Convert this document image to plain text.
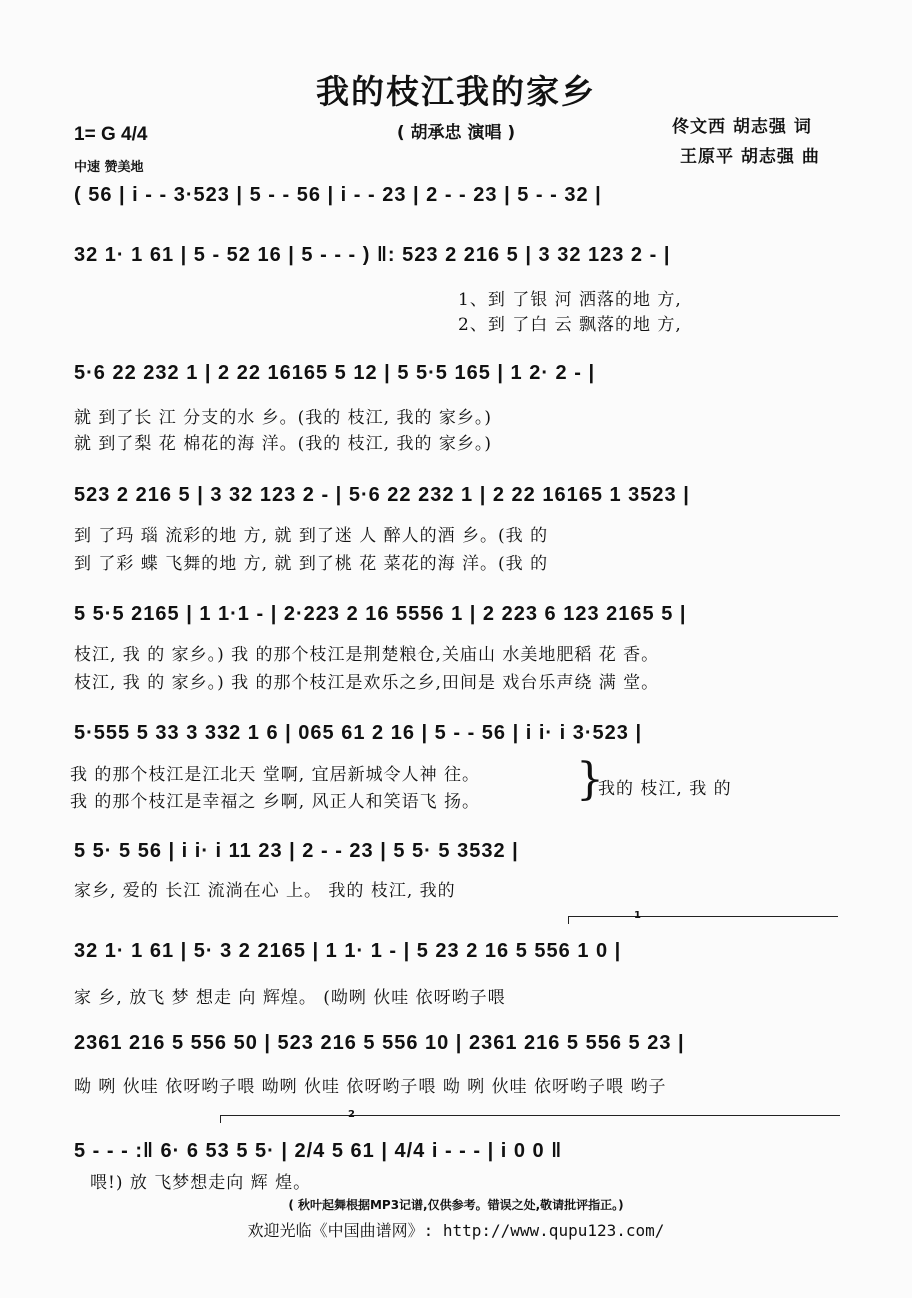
我的枝江我的家乡
( 胡承忠 演唱 )	佟文西 胡志强 词
王原平 胡志强 曲
1= G 4/4
中速 赞美地
( 56 | i - - 3·523 | 5 - - 56 | i - - 23 | 2 - - 23 | 5 - - 32 |
32 1· 1 61 | 5 - 52 16 | 5 - - - ) ‖: 523 2 216 5 | 3 32 123 2 - |
1、到 了银 河 洒落的地 方,
2、到 了白 云 飘落的地 方,
5·6 22 232 1 | 2 22 16165 5 12 | 5 5·5 165 | 1 2· 2 - |
就 到了长 江 分支的水 乡。(我的 枝江, 我的 家乡。)
就 到了梨 花 棉花的海 洋。(我的 枝江, 我的 家乡。)
523 2 216 5 | 3 32 123 2 - | 5·6 22 232 1 | 2 22 16165 1 3523 |
到 了玛 瑙 流彩的地 方, 就 到了迷 人 醉人的酒 乡。(我 的
到 了彩 蝶 飞舞的地 方, 就 到了桃 花 菜花的海 洋。(我 的
5 5·5 2165 | 1 1·1 - | 2·223 2 16 5556 1 | 2 223 6 123 2165 5 |
枝江, 我 的 家乡。) 我 的那个枝江是荆楚粮仓,关庙山 水美地肥稻 花 香。
枝江, 我 的 家乡。) 我 的那个枝江是欢乐之乡,田间是 戏台乐声绕 满 堂。
5·555 5 33 3 332 1 6 | 065 61 2 16 | 5 - - 56 | i i· i 3·523 |
我 的那个枝江是江北天 堂啊, 宜居新城令人神 往。
我 的那个枝江是幸福之 乡啊, 风正人和笑语飞 扬。 }
我的 枝江, 我 的
5 5· 5 56 | i i· i 11 23 | 2 - - 23 | 5 5· 5 3532 |
家乡, 爱的 长江 流淌在心 上。 我的 枝江, 我的
1
32 1· 1 61 | 5· 3 2 2165 | 1 1· 1 - | 5 23 2 16 5 556 1 0 |
家 乡, 放飞 梦 想走 向 辉煌。 (呦咧 伙哇 依呀哟子喂
2361 216 5 556 50 | 523 216 5 556 10 | 2361 216 5 556 5 23 |
呦 咧 伙哇 依呀哟子喂 呦咧 伙哇 依呀哟子喂 呦 咧 伙哇 依呀哟子喂 哟子
2
5 - - - :‖ 6· 6 53 5 5· | 2/4 5 61 | 4/4 i - - - | i 0 0 ‖
喂!) 放 飞梦想走向 辉 煌。
( 秋叶起舞根据MP3记谱,仅供参考。错误之处,敬请批评指正。)
欢迎光临《中国曲谱网》: http://www.qupu123.com/
